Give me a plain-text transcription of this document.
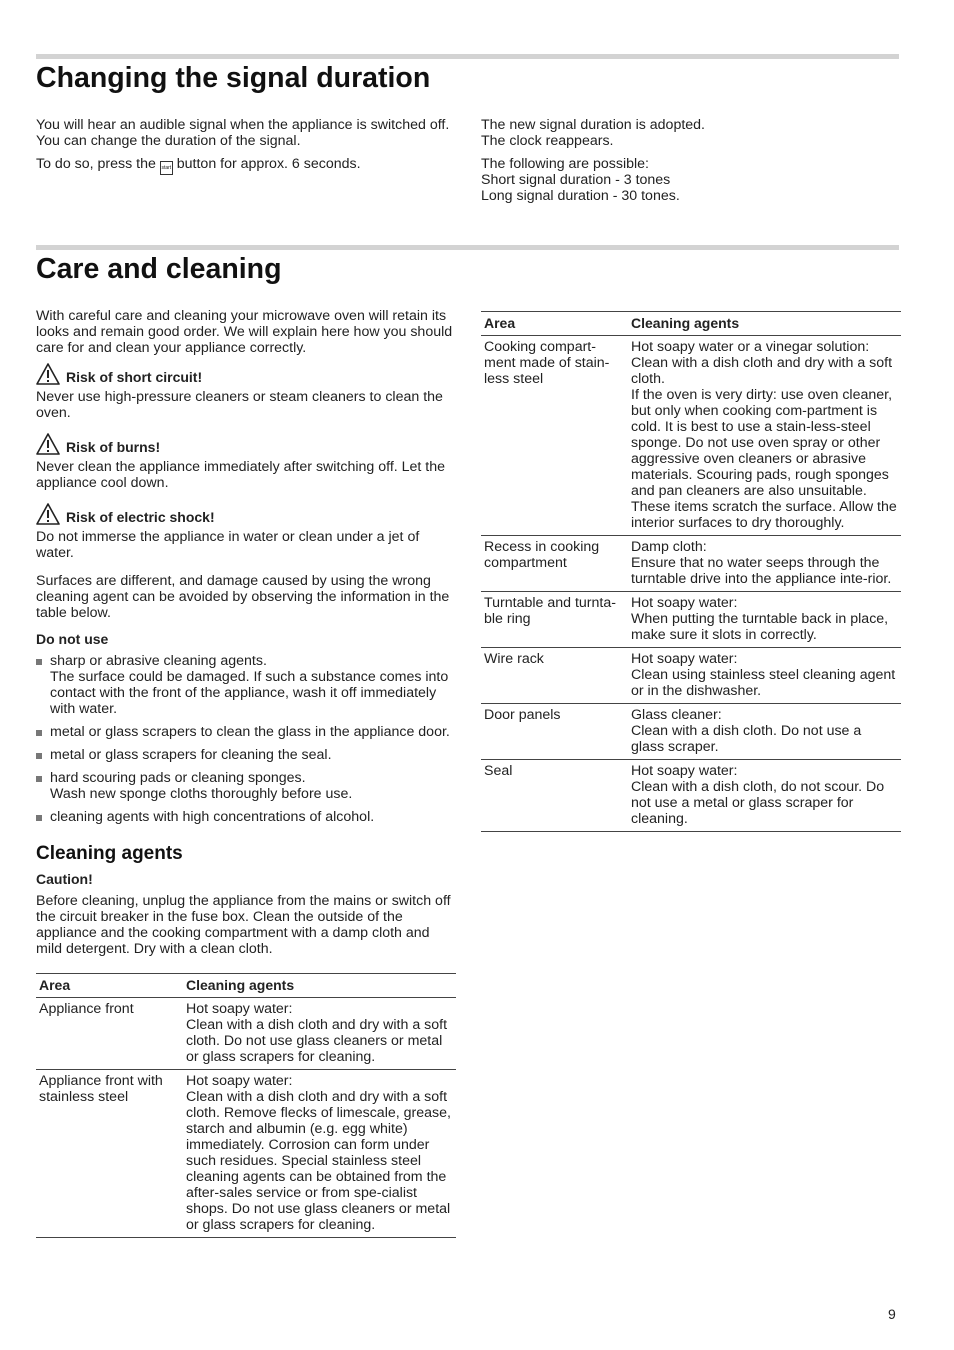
Changing the signal duration

You will hear an audible signal when the appliance is switched off. You can change the duration of the signal.

To do so, press the start button for approx. 6 seconds.

The new signal duration is adopted.
The clock reappears.

The following are possible:
Short signal duration - 3 tones
Long signal duration - 30 tones.

Care and cleaning

With careful care and cleaning your microwave oven will retain its looks and remain good order. We will explain here how you should care for and clean your appliance correctly.

Risk of short circuit!

Never use high-pressure cleaners or steam cleaners to clean the oven.

Risk of burns!

Never clean the appliance immediately after switching off. Let the appliance cool down.

Risk of electric shock!

Do not immerse the appliance in water or clean under a jet of water.

Surfaces are different, and damage caused by using the wrong cleaning agent can be avoided by observing the information in the table below.

Do not use
sharp or abrasive cleaning agents.
The surface could be damaged. If such a substance comes into contact with the front of the appliance, wash it off immediately with water.
metal or glass scrapers to clean the glass in the appliance door.
metal or glass scrapers for cleaning the seal.
hard scouring pads or cleaning sponges.
Wash new sponge cloths thoroughly before use.
cleaning agents with high concentrations of alcohol.
Cleaning agents
Caution!

Before cleaning, unplug the appliance from the mains or switch off the circuit breaker in the fuse box. Clean the outside of the appliance and the cooking compartment with a damp cloth and mild detergent. Dry with a clean cloth.

Area	Cleaning agents
Appliance front	Hot soapy water:
Clean with a dish cloth and dry with a soft cloth. Do not use glass cleaners or metal or glass scrapers for cleaning.
Appliance front with stainless steel	Hot soapy water:
Clean with a dish cloth and dry with a soft cloth. Remove flecks of limescale, grease, starch and albumin (e.g. egg white) immediately. Corrosion can form under such residues. Special stainless steel cleaning agents can be obtained from the after-sales service or from spe-cialist shops. Do not use glass cleaners or metal or glass scrapers for cleaning.
Area	Cleaning agents
Cooking compart-ment made of stain-less steel	Hot soapy water or a vinegar solution:
Clean with a dish cloth and dry with a soft cloth.
If the oven is very dirty: use oven cleaner, but only when cooking com-partment is cold. It is best to use a stain-less-steel sponge. Do not use oven spray or other aggressive oven cleaners or abrasive materials. Scouring pads, rough sponges and pan cleaners are also unsuitable. These items scratch the surface. Allow the interior surfaces to dry thoroughly.
Recess in cooking compartment	Damp cloth:
Ensure that no water seeps through the turntable drive into the appliance inte-rior.
Turntable and turnta-ble ring	Hot soapy water:
When putting the turntable back in place, make sure it slots in correctly.
Wire rack	Hot soapy water:
Clean using stainless steel cleaning agent or in the dishwasher.
Door panels	Glass cleaner:
Clean with a dish cloth. Do not use a glass scraper.
Seal	Hot soapy water:
Clean with a dish cloth, do not scour. Do not use a metal or glass scraper for cleaning.
9
